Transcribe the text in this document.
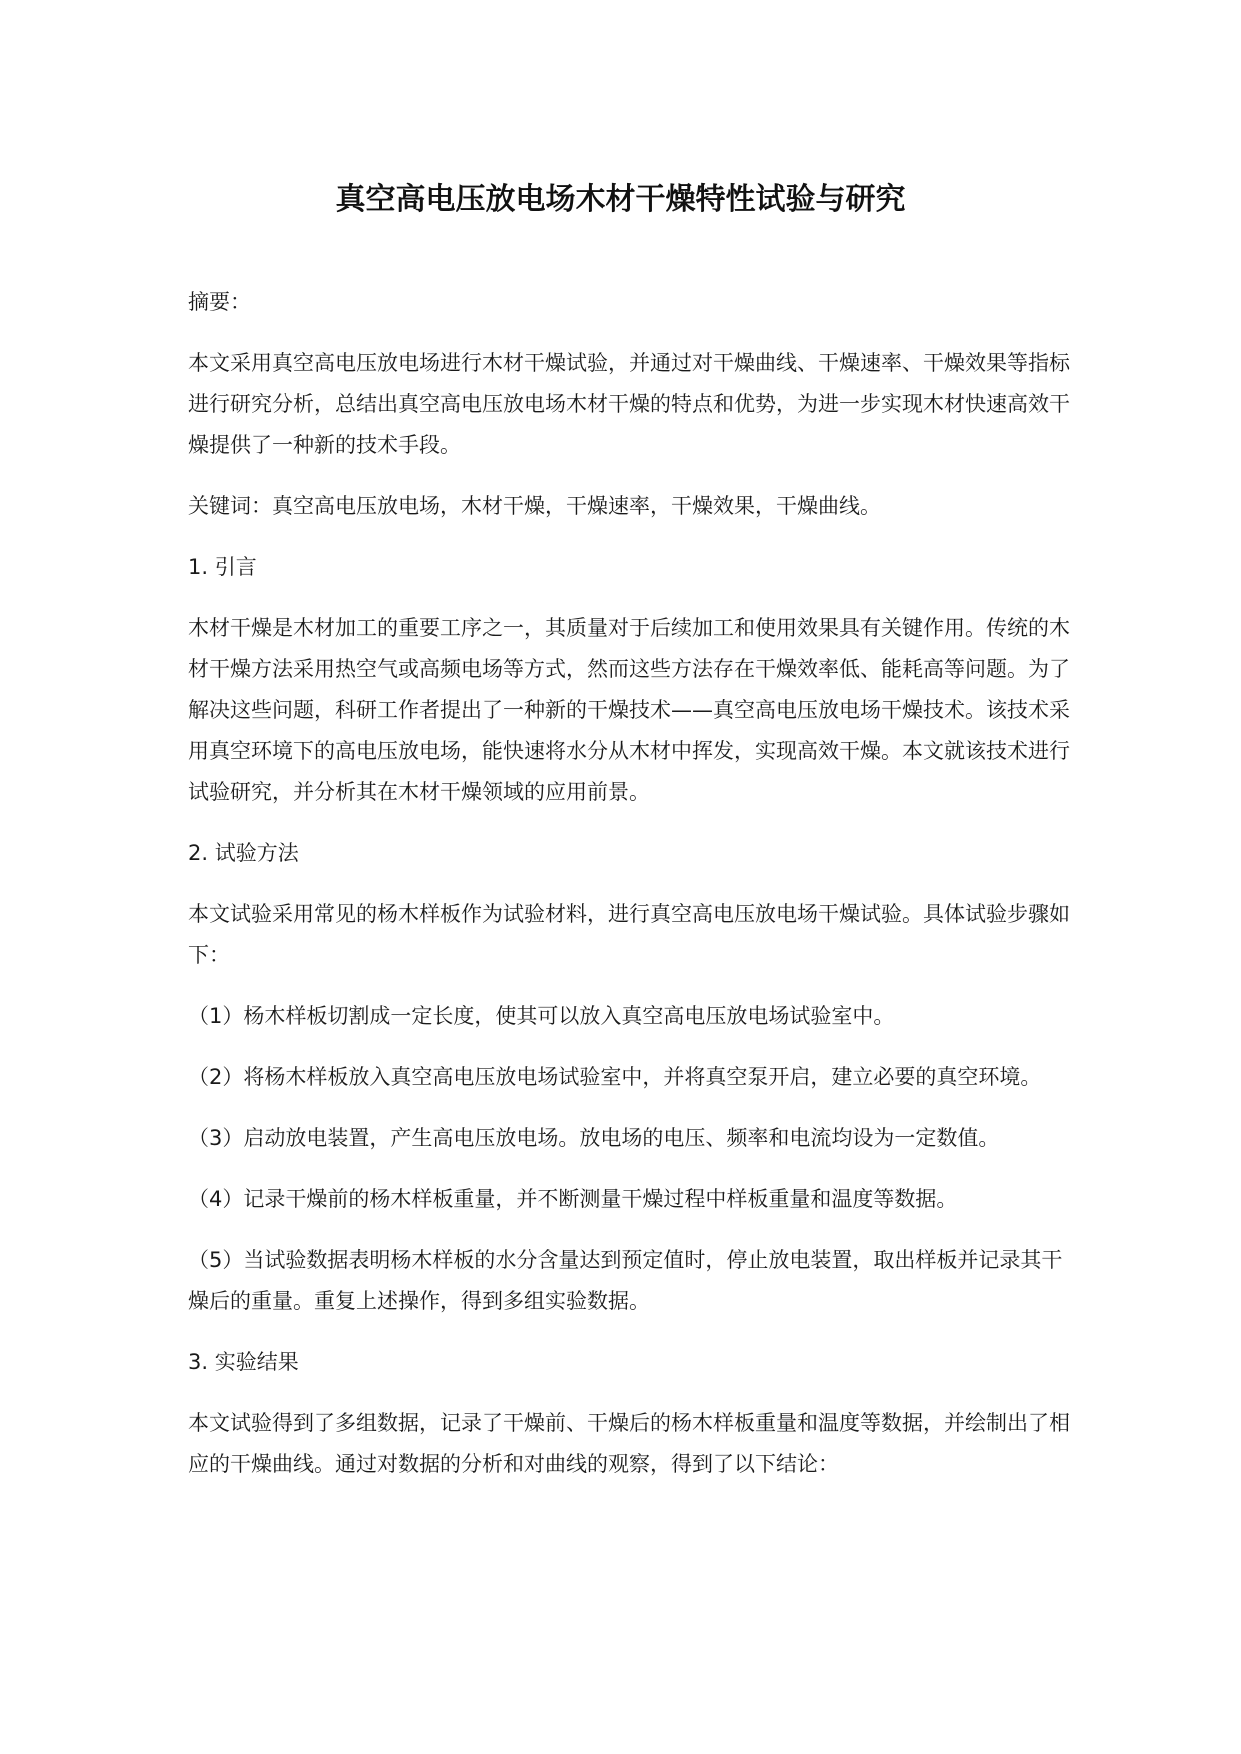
真空高电压放电场木材干燥特性试验与研究

摘要：

本文采用真空高电压放电场进行木材干燥试验，并通过对干燥曲线、干燥速率、干燥效果等指标进行研究分析，总结出真空高电压放电场木材干燥的特点和优势，为进一步实现木材快速高效干燥提供了一种新的技术手段。

关键词：真空高电压放电场，木材干燥，干燥速率，干燥效果，干燥曲线。

1. 引言

木材干燥是木材加工的重要工序之一，其质量对于后续加工和使用效果具有关键作用。传统的木材干燥方法采用热空气或高频电场等方式，然而这些方法存在干燥效率低、能耗高等问题。为了解决这些问题，科研工作者提出了一种新的干燥技术——真空高电压放电场干燥技术。该技术采用真空环境下的高电压放电场，能快速将水分从木材中挥发，实现高效干燥。本文就该技术进行试验研究，并分析其在木材干燥领域的应用前景。

2. 试验方法

本文试验采用常见的杨木样板作为试验材料，进行真空高电压放电场干燥试验。具体试验步骤如下：

（1）杨木样板切割成一定长度，使其可以放入真空高电压放电场试验室中。

（2）将杨木样板放入真空高电压放电场试验室中，并将真空泵开启，建立必要的真空环境。

（3）启动放电装置，产生高电压放电场。放电场的电压、频率和电流均设为一定数值。

（4）记录干燥前的杨木样板重量，并不断测量干燥过程中样板重量和温度等数据。

（5）当试验数据表明杨木样板的水分含量达到预定值时，停止放电装置，取出样板并记录其干燥后的重量。重复上述操作，得到多组实验数据。

3. 实验结果

本文试验得到了多组数据，记录了干燥前、干燥后的杨木样板重量和温度等数据，并绘制出了相应的干燥曲线。通过对数据的分析和对曲线的观察，得到了以下结论：
